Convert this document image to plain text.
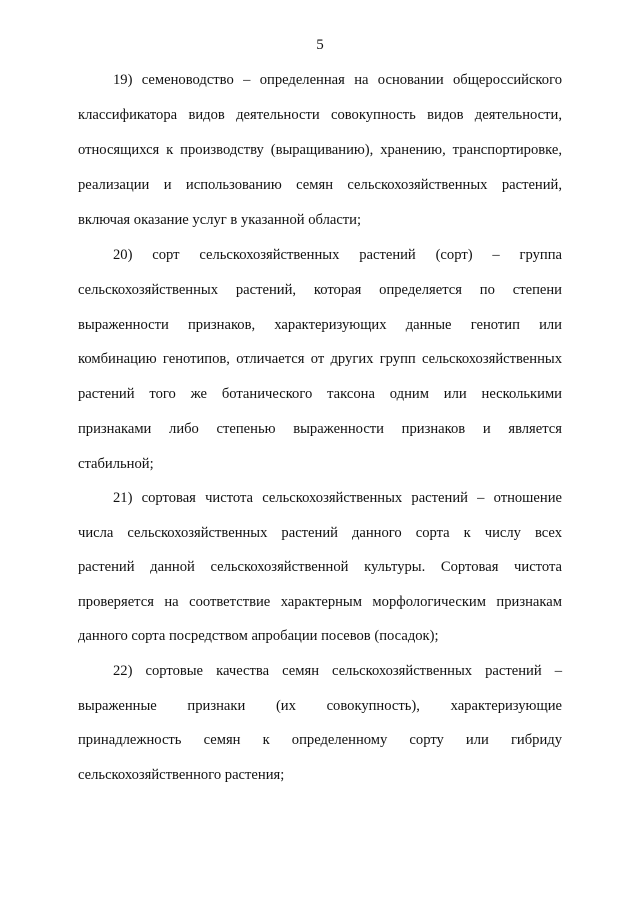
5
19) семеноводство – определенная на основании общероссийского
классификатора видов деятельности совокупность видов деятельности,
относящихся к производству (выращиванию), хранению, транспортировке,
реализации и использованию семян сельскохозяйственных растений,
включая оказание услуг в указанной области;
20) сорт сельскохозяйственных растений (сорт) – группа
сельскохозяйственных растений, которая определяется по степени
выраженности признаков, характеризующих данные генотип или
комбинацию генотипов, отличается от других групп сельскохозяйственных
растений того же ботанического таксона одним или несколькими
признаками либо степенью выраженности признаков и является
стабильной;
21) сортовая чистота сельскохозяйственных растений – отношение
числа сельскохозяйственных растений данного сорта к числу всех
растений данной сельскохозяйственной культуры. Сортовая чистота
проверяется на соответствие характерным морфологическим признакам
данного сорта посредством апробации посевов (посадок);
22) сортовые качества семян сельскохозяйственных растений –
выраженные признаки (их совокупность), характеризующие
принадлежность семян к определенному сорту или гибриду
сельскохозяйственного растения;
